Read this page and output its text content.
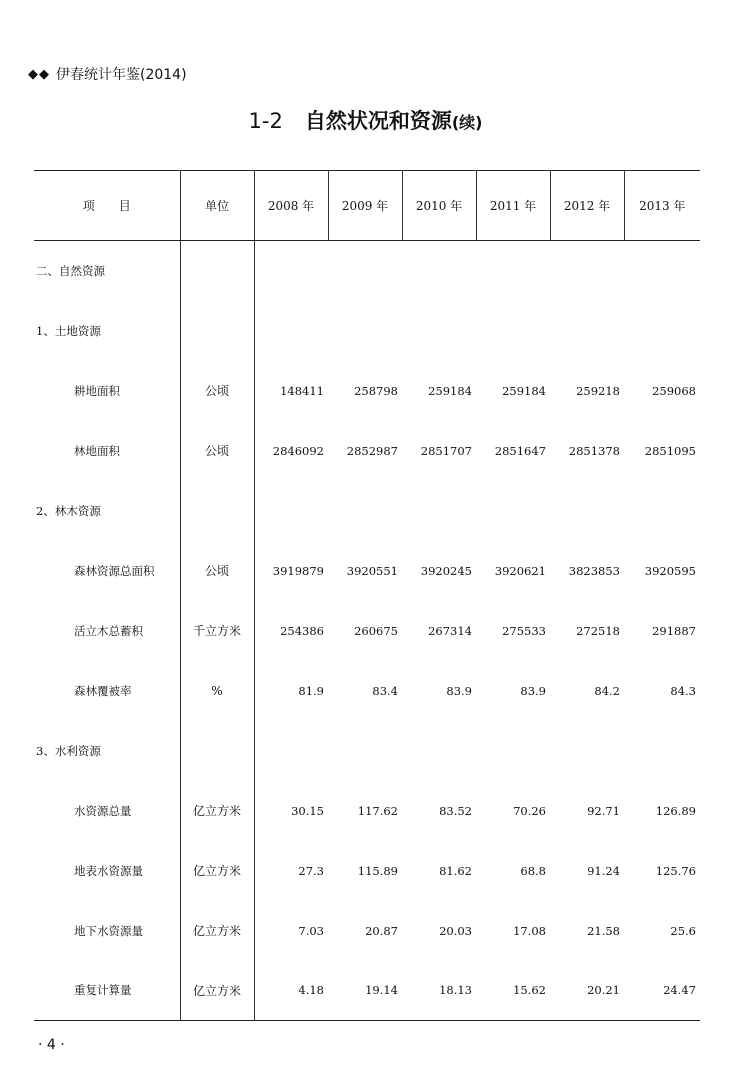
◆◆ 伊春统计年鉴(2014)
1-2 自然状况和资源(续)
项　　目	单位	2008 年	2009 年	2010 年	2011 年	2012 年	2013 年
二、自然资源							
1、土地资源							
耕地面积	公顷	148411	258798	259184	259184	259218	259068
林地面积	公顷	2846092	2852987	2851707	2851647	2851378	2851095
2、林木资源							
森林资源总面积	公顷	3919879	3920551	3920245	3920621	3823853	3920595
活立木总蓄积	千立方米	254386	260675	267314	275533	272518	291887
森林覆被率	%	81.9	83.4	83.9	83.9	84.2	84.3
3、水利资源							
水资源总量	亿立方米	30.15	117.62	83.52	70.26	92.71	126.89
地表水资源量	亿立方米	27.3	115.89	81.62	68.8	91.24	125.76
地下水资源量	亿立方米	7.03	20.87	20.03	17.08	21.58	25.6
重复计算量	亿立方米	4.18	19.14	18.13	15.62	20.21	24.47
· 4 ·
